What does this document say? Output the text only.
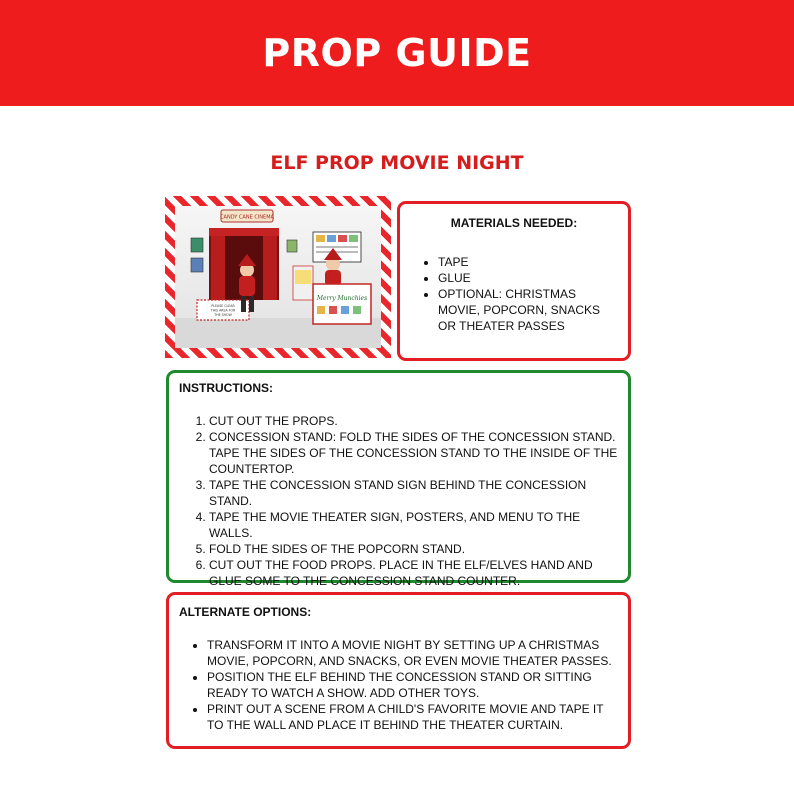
PROP GUIDE
ELF PROP MOVIE NIGHT
CANDY CANE CINEMA
PLEASE CLEAR
THIS AREA FOR
THE SHOW
Merry Munchies
MATERIALS NEEDED:
• TAPE
• GLUE
• OPTIONAL: CHRISTMAS MOVIE, POPCORN, SNACKS OR THEATER PASSES
INSTRUCTIONS:
1. CUT OUT THE PROPS.
2. CONCESSION STAND: FOLD THE SIDES OF THE CONCESSION STAND. TAPE THE SIDES OF THE CONCESSION STAND TO THE INSIDE OF THE COUNTERTOP.
3. TAPE THE CONCESSION STAND SIGN BEHIND THE CONCESSION STAND.
4. TAPE THE MOVIE THEATER SIGN, POSTERS, AND MENU TO THE WALLS.
5. FOLD THE SIDES OF THE POPCORN STAND.
6. CUT OUT THE FOOD PROPS. PLACE IN THE ELF/ELVES HAND AND GLUE SOME TO THE CONCESSION STAND COUNTER.
ALTERNATE OPTIONS:
• TRANSFORM IT INTO A MOVIE NIGHT BY SETTING UP A CHRISTMAS MOVIE, POPCORN, AND SNACKS, OR EVEN MOVIE THEATER PASSES.
• POSITION THE ELF BEHIND THE CONCESSION STAND OR SITTING READY TO WATCH A SHOW. ADD OTHER TOYS.
• PRINT OUT A SCENE FROM A CHILD'S FAVORITE MOVIE AND TAPE IT TO THE WALL AND PLACE IT BEHIND THE THEATER CURTAIN.
